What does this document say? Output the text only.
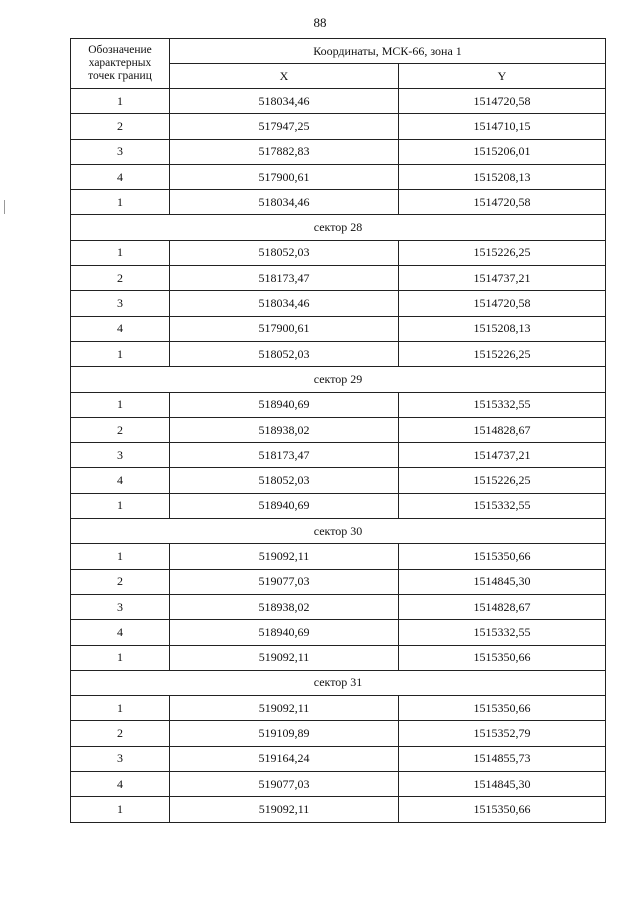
88
Обозначение
характерных
точек границ	Координаты, МСК-66, зона 1	
	X	Y
1	518034,46	1514720,58
2	517947,25	1514710,15
3	517882,83	1515206,01
4	517900,61	1515208,13
1	518034,46	1514720,58
сектор 28		
1	518052,03	1515226,25
2	518173,47	1514737,21
3	518034,46	1514720,58
4	517900,61	1515208,13
1	518052,03	1515226,25
сектор 29		
1	518940,69	1515332,55
2	518938,02	1514828,67
3	518173,47	1514737,21
4	518052,03	1515226,25
1	518940,69	1515332,55
сектор 30		
1	519092,11	1515350,66
2	519077,03	1514845,30
3	518938,02	1514828,67
4	518940,69	1515332,55
1	519092,11	1515350,66
сектор 31		
1	519092,11	1515350,66
2	519109,89	1515352,79
3	519164,24	1514855,73
4	519077,03	1514845,30
1	519092,11	1515350,66
